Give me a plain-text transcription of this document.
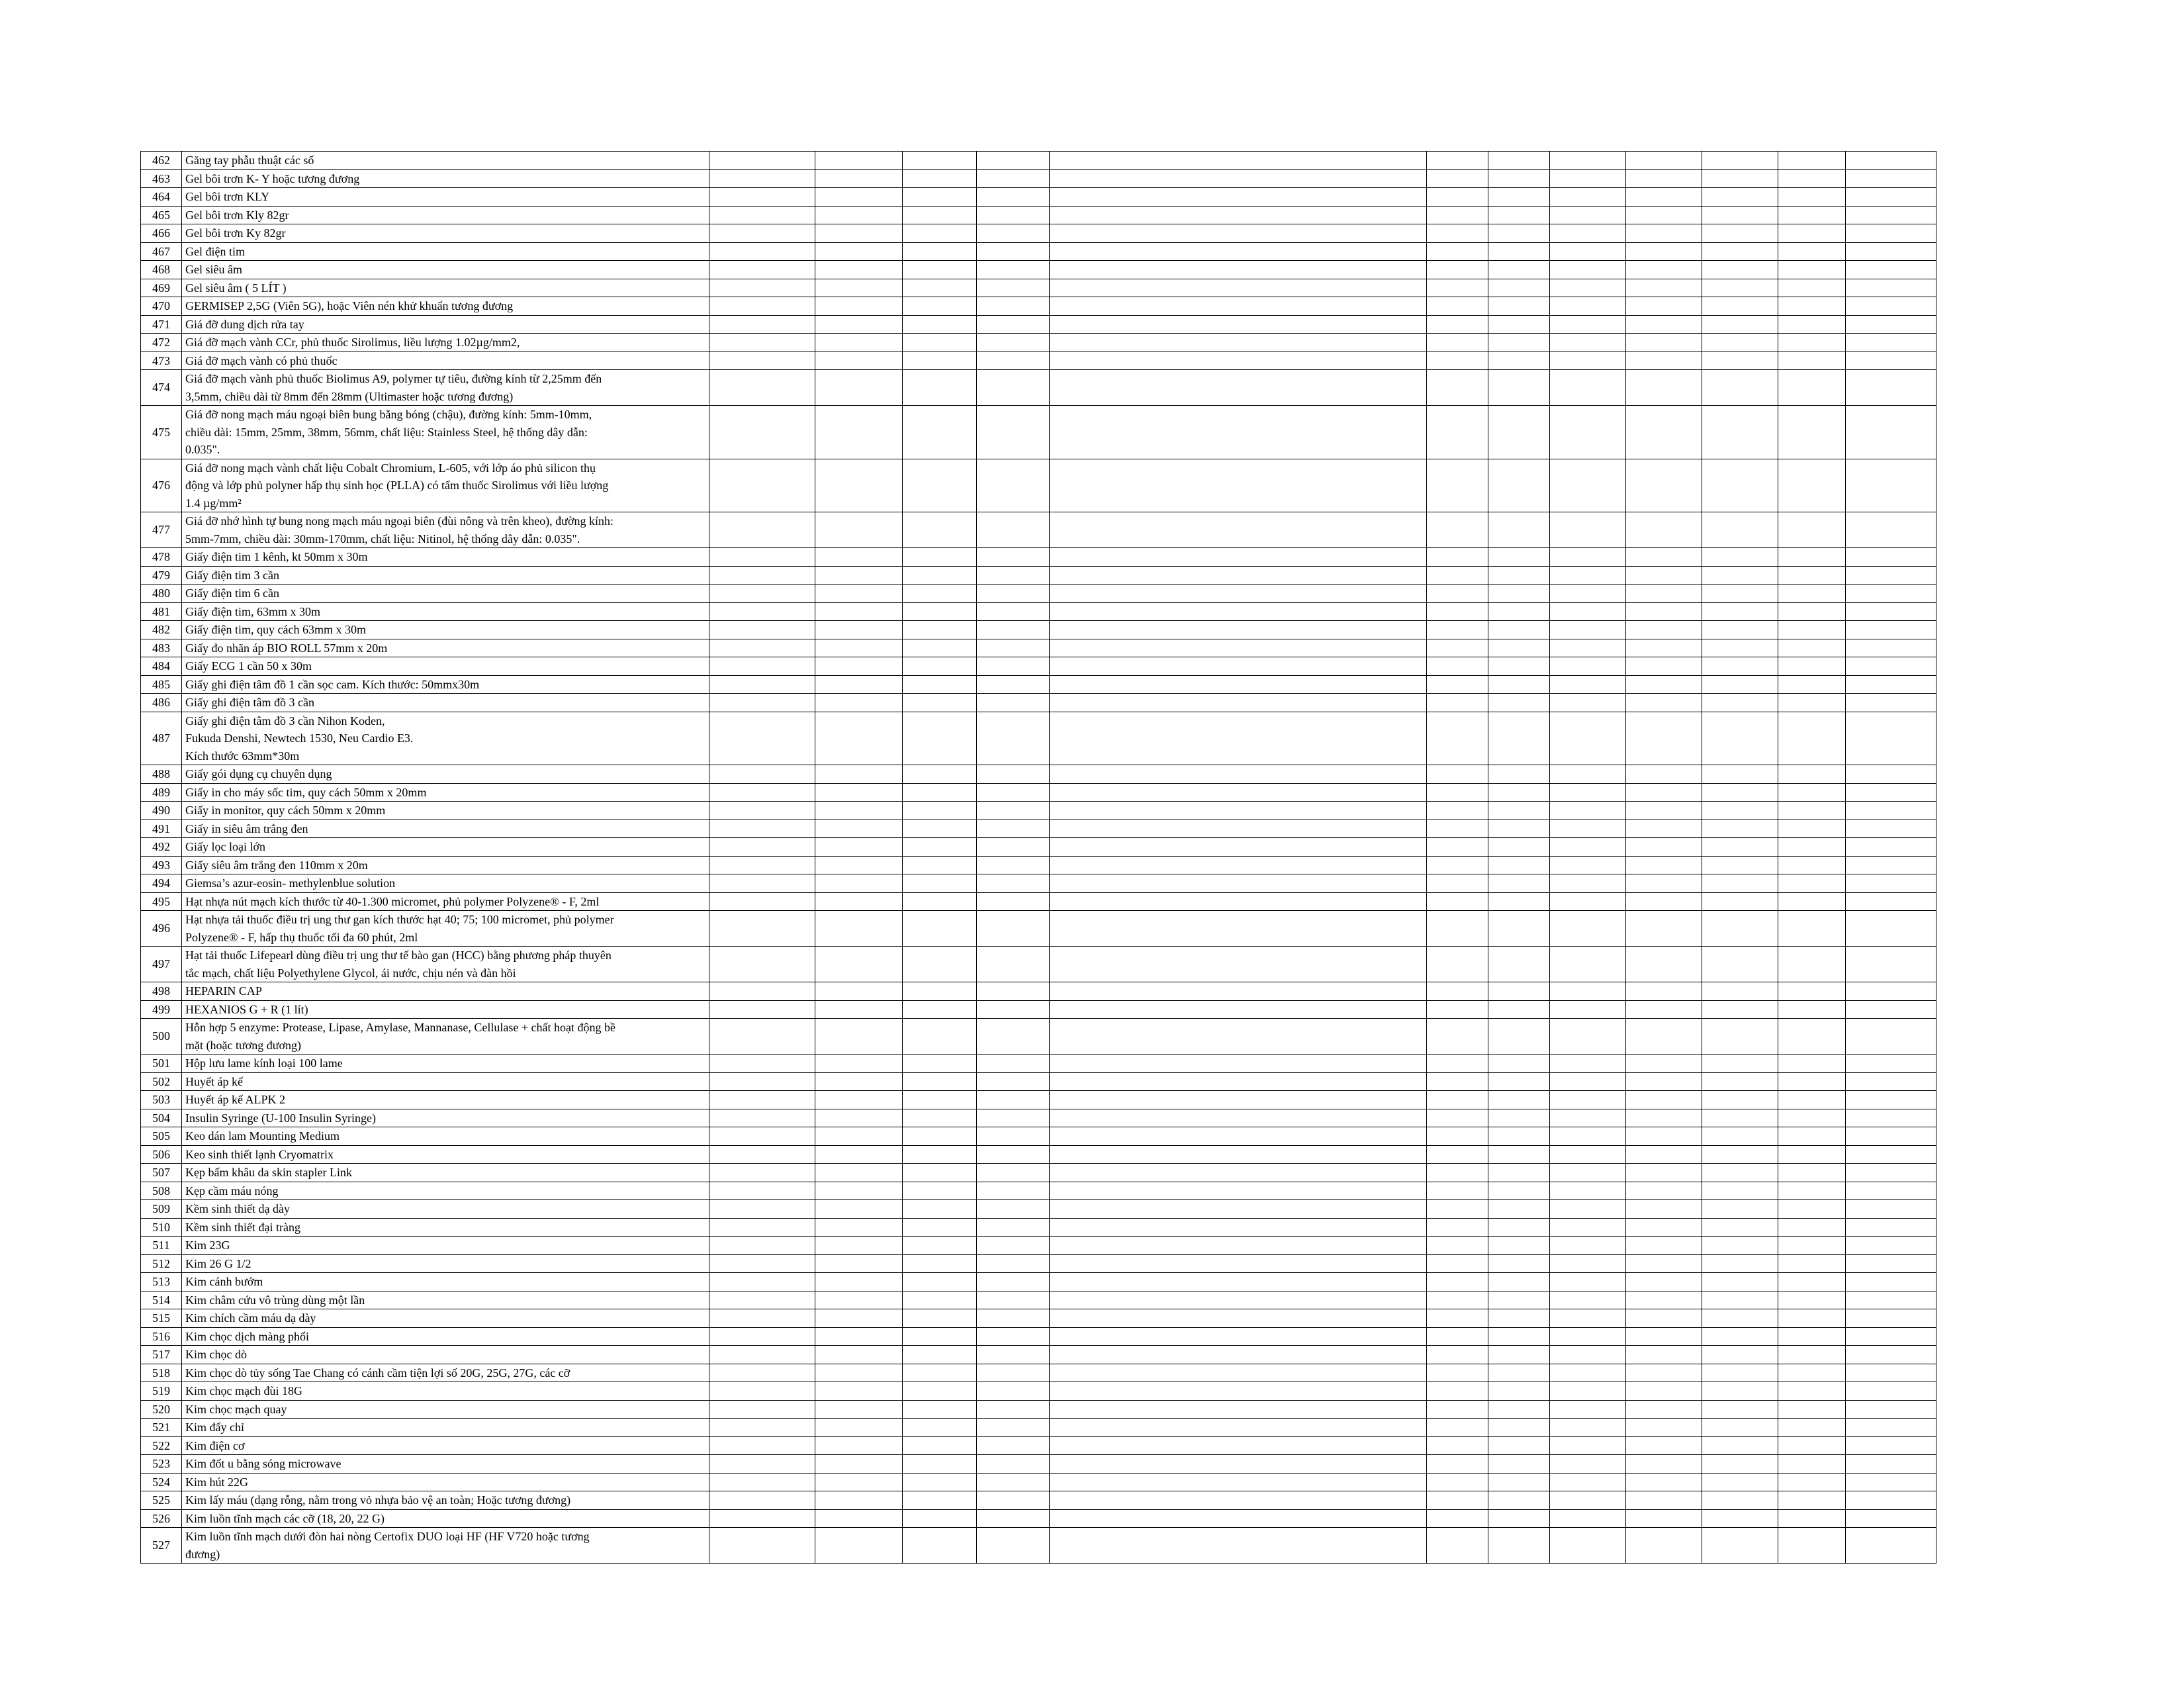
462	Găng tay phẫu thuật các số												
463	Gel bôi trơn K- Y hoặc tương đương												
464	Gel bôi trơn KLY												
465	Gel bôi trơn Kly 82gr												
466	Gel bôi trơn Ky 82gr												
467	Gel điện tim												
468	Gel siêu âm												
469	Gel siêu âm ( 5 LÍT )												
470	GERMISEP 2,5G (Viên 5G), hoặc Viên nén khử khuẩn tương đương												
471	Giá đỡ dung dịch rửa tay												
472	Giá đỡ mạch vành CCr, phủ thuốc Sirolimus, liều lượng 1.02µg/mm2,												
473	Giá đỡ mạch vành có phủ thuốc												
474	Giá đỡ mạch vành phủ thuốc Biolimus A9, polymer tự tiêu, đường kính từ 2,25mm đến
3,5mm, chiều dài từ 8mm đến 28mm (Ultimaster hoặc tương đương)												
475	Giá đỡ nong mạch máu ngoại biên bung bằng bóng (chậu), đường kính: 5mm-10mm,
chiều dài: 15mm, 25mm, 38mm, 56mm, chất liệu: Stainless Steel, hệ thống dây dẫn:
0.035".												
476	Giá đỡ nong mạch vành chất liệu Cobalt Chromium, L-605, với lớp áo phủ silicon thụ
động và lớp phủ polyner hấp thụ sinh học (PLLA) có tẩm thuốc Sirolimus với liều lượng
1.4 µg/mm²												
477	Giá đỡ nhớ hình tự bung nong mạch máu ngoại biên (đùi nông và trên kheo), đường kính:
5mm-7mm, chiều dài: 30mm-170mm, chất liệu: Nitinol, hệ thống dây dẫn: 0.035".												
478	Giấy điện tim 1 kênh, kt 50mm x 30m												
479	Giấy điện tim 3 cần												
480	Giấy điện tim 6 cần												
481	Giấy điện tim, 63mm x 30m												
482	Giấy điện tim, quy cách 63mm x 30m												
483	Giấy đo nhãn áp BIO ROLL 57mm x 20m												
484	Giấy ECG 1 cần 50 x 30m												
485	Giấy ghi điện tâm đồ 1 cần sọc cam. Kích thước: 50mmx30m												
486	Giấy ghi điện tâm đồ 3 cần												
487	Giấy ghi điện tâm đồ 3 cần Nihon Koden,
Fukuda Denshi, Newtech 1530, Neu Cardio E3.
Kích thước 63mm*30m												
488	Giấy gói dụng cụ chuyên dụng												
489	Giấy in cho máy sốc tim, quy cách 50mm x 20mm												
490	Giấy in monitor, quy cách 50mm x 20mm												
491	Giấy in siêu âm trắng đen												
492	Giấy lọc loại lớn												
493	Giấy siêu âm trắng đen 110mm x 20m												
494	Giemsa’s azur-eosin- methylenblue solution												
495	Hạt nhựa nút mạch kích thước từ 40-1.300 micromet, phủ polymer Polyzene® - F, 2ml												
496	Hạt nhựa tải thuốc điều trị ung thư gan kích thước hạt 40; 75; 100 micromet, phủ polymer
Polyzene® - F, hấp thụ thuốc tối đa 60 phút, 2ml												
497	Hạt tải thuốc Lifepearl dùng điều trị ung thư tế bào gan (HCC) bằng phương pháp thuyên
tắc mạch, chất liệu Polyethylene Glycol, ái nước, chịu nén và đàn hồi												
498	HEPARIN CAP												
499	HEXANIOS G + R (1 lít)												
500	Hỗn hợp 5 enzyme: Protease, Lipase, Amylase, Mannanase, Cellulase + chất hoạt động bề
mặt (hoặc tương đương)												
501	Hộp lưu lame kính loại 100 lame												
502	Huyết áp kế												
503	Huyết áp kế ALPK 2												
504	Insulin Syringe (U-100 Insulin Syringe)												
505	Keo dán lam Mounting Medium												
506	Keo sinh thiết lạnh Cryomatrix												
507	Kẹp bấm khâu da skin stapler Link												
508	Kẹp cầm máu nóng												
509	Kềm sinh thiết dạ dày												
510	Kềm sinh thiết đại tràng												
511	Kim 23G												
512	Kim 26 G 1/2												
513	Kim cánh bướm												
514	Kim châm cứu vô trùng dùng một lần												
515	Kim chích cầm máu dạ dày												
516	Kim chọc dịch màng phổi												
517	Kim chọc dò												
518	Kim chọc dò tủy sống Tae Chang có cánh cầm tiện lợi số 20G, 25G, 27G, các cỡ												
519	Kim chọc mạch đùi 18G												
520	Kim chọc mạch quay												
521	Kim đẩy chỉ												
522	Kim điện cơ												
523	Kim đốt u bằng sóng microwave												
524	Kim hút 22G												
525	Kim lấy máu (dạng rỗng, nằm trong vỏ nhựa bảo vệ an toàn; Hoặc tương đương)												
526	Kim luồn tĩnh mạch các cỡ (18, 20, 22 G)												
527	Kim luồn tĩnh mạch dưới đòn hai nòng Certofix DUO loại HF (HF V720 hoặc tương
đương)												
